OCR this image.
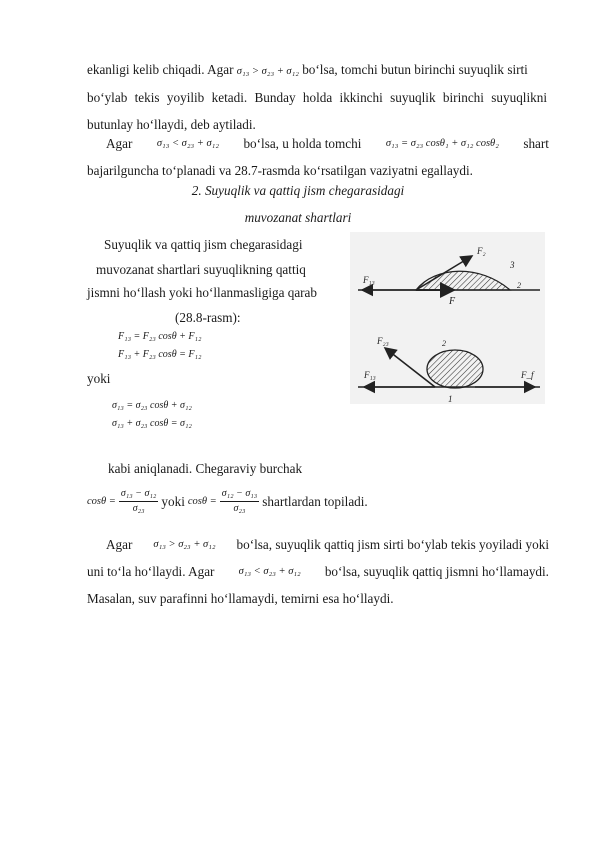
ekanligi kelib chiqadi. Agar σ₁₃ > σ₂₃ + σ₁₂ bo‘lsa, tomchi butun birinchi suyuqlik sirti
bo‘ylab tekis yoyilib ketadi. Bunday holda ikkinchi suyuqlik birinchi suyuqlikni
butunlay ho‘llaydi, deb aytiladi.
Agar σ₁₃ < σ₂₃ + σ₁₂ bo‘lsa, u holda tomchi σ₁₃ = σ₂₃ cosθ₁ + σ₁₂ cosθ₂ shart
bajarilguncha to‘planadi va 28.7-rasmda ko‘rsatilgan vaziyatni egallaydi.
2. Suyuqlik va qattiq jism chegarasidagi
muvozanat shartlari
Suyuqlik va qattiq jism chegarasidagi
muvozanat shartlari suyuqlikning qattiq
jismni ho‘llash yoki ho‘llanmasligiga qarab
(28.8-rasm):
F₁₃ = F₂₃ cosθ + F₁₂
F₁₃ + F₂₃ cosθ = F₁₂
yoki
σ₁₃ = σ₂₃ cosθ + σ₁₂
σ₁₃ + σ₂₃ cosθ = σ₁₂
kabi aniqlanadi. Chegaraviy burchak
$\cos\theta = \frac{\text{σ₁₃ − σ₁₂}}{\text{σ₂₃}}$ yoki $\cos\theta = \frac{\text{σ₁₂ − σ₁₃}}{\text{σ₂₃}}$ shartlardan topiladi.
Agar σ₁₃ > σ₂₃ + σ₁₂ bo‘lsa, suyuqlik qattiq jism sirti bo‘ylab tekis yoyiladi yoki
uni to‘la ho‘llaydi. Agar σ₁₃ < σ₂₃ + σ₁₂ bo‘lsa, suyuqlik qattiq jismni ho‘llamaydi.
Masalan, suv parafinni ho‘llamaydi, temirni esa ho‘llaydi.
F₁₃
F₂
3
2
F
F₂₃
F₁₃	F_f
1
2
